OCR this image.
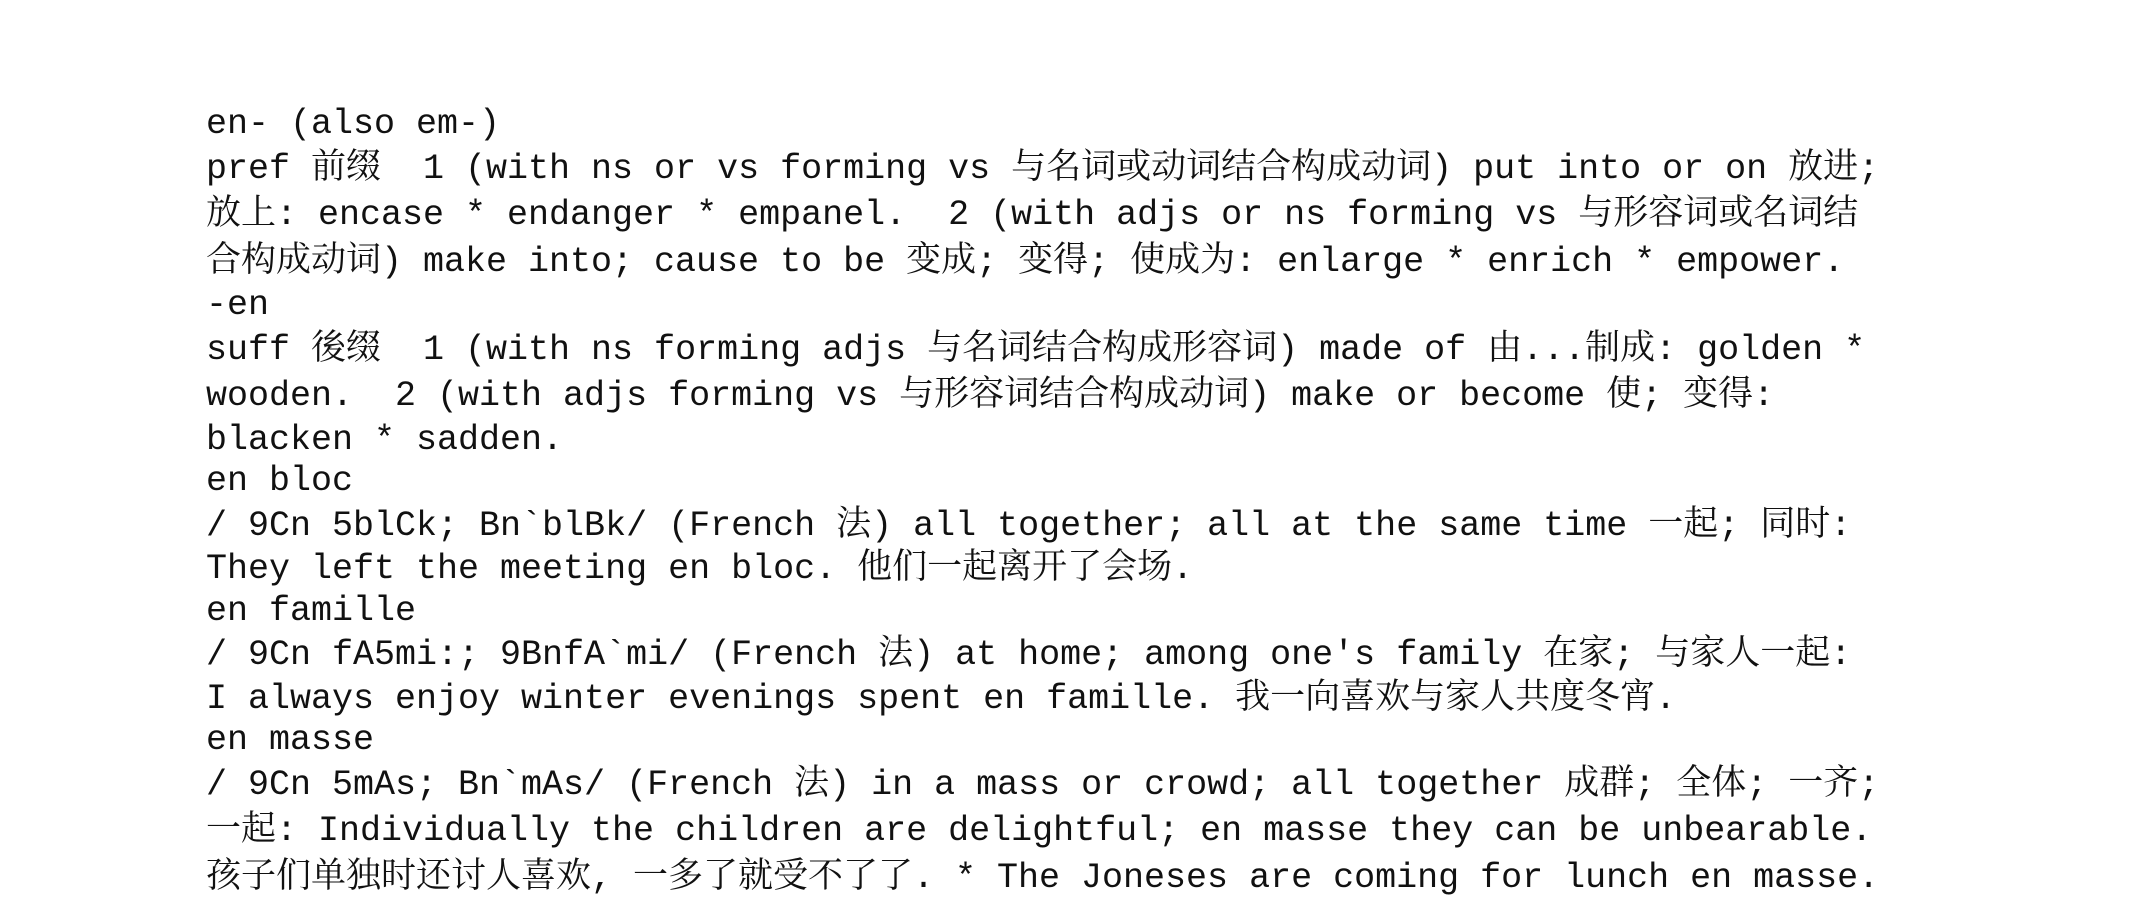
en- (also em-)
pref 前缀  1 (with ns or vs forming vs 与名词或动词结合构成动词) put into or on 放进;
放上: encase * endanger * empanel.  2 (with adjs or ns forming vs 与形容词或名词结
合构成动词) make into; cause to be 变成; 变得; 使成为: enlarge * enrich * empower.
-en
suff 後缀  1 (with ns forming adjs 与名词结合构成形容词) made of 由...制成: golden *
wooden.  2 (with adjs forming vs 与形容词结合构成动词) make or become 使; 变得:
blacken * sadden.
en bloc
/ 9Cn 5blCk; Bn`blBk/ (French 法) all together; all at the same time 一起; 同时:
They left the meeting en bloc. 他们一起离开了会场.
en famille
/ 9Cn fA5mi:; 9BnfA`mi/ (French 法) at home; among one's family 在家; 与家人一起:
I always enjoy winter evenings spent en famille. 我一向喜欢与家人共度冬宵.
en masse
/ 9Cn 5mAs; Bn`mAs/ (French 法) in a mass or crowd; all together 成群; 全体; 一齐;
一起: Individually the children are delightful; en masse they can be unbearable.
孩子们单独时还讨人喜欢, 一多了就受不了了. * The Joneses are coming for lunch en masse.
